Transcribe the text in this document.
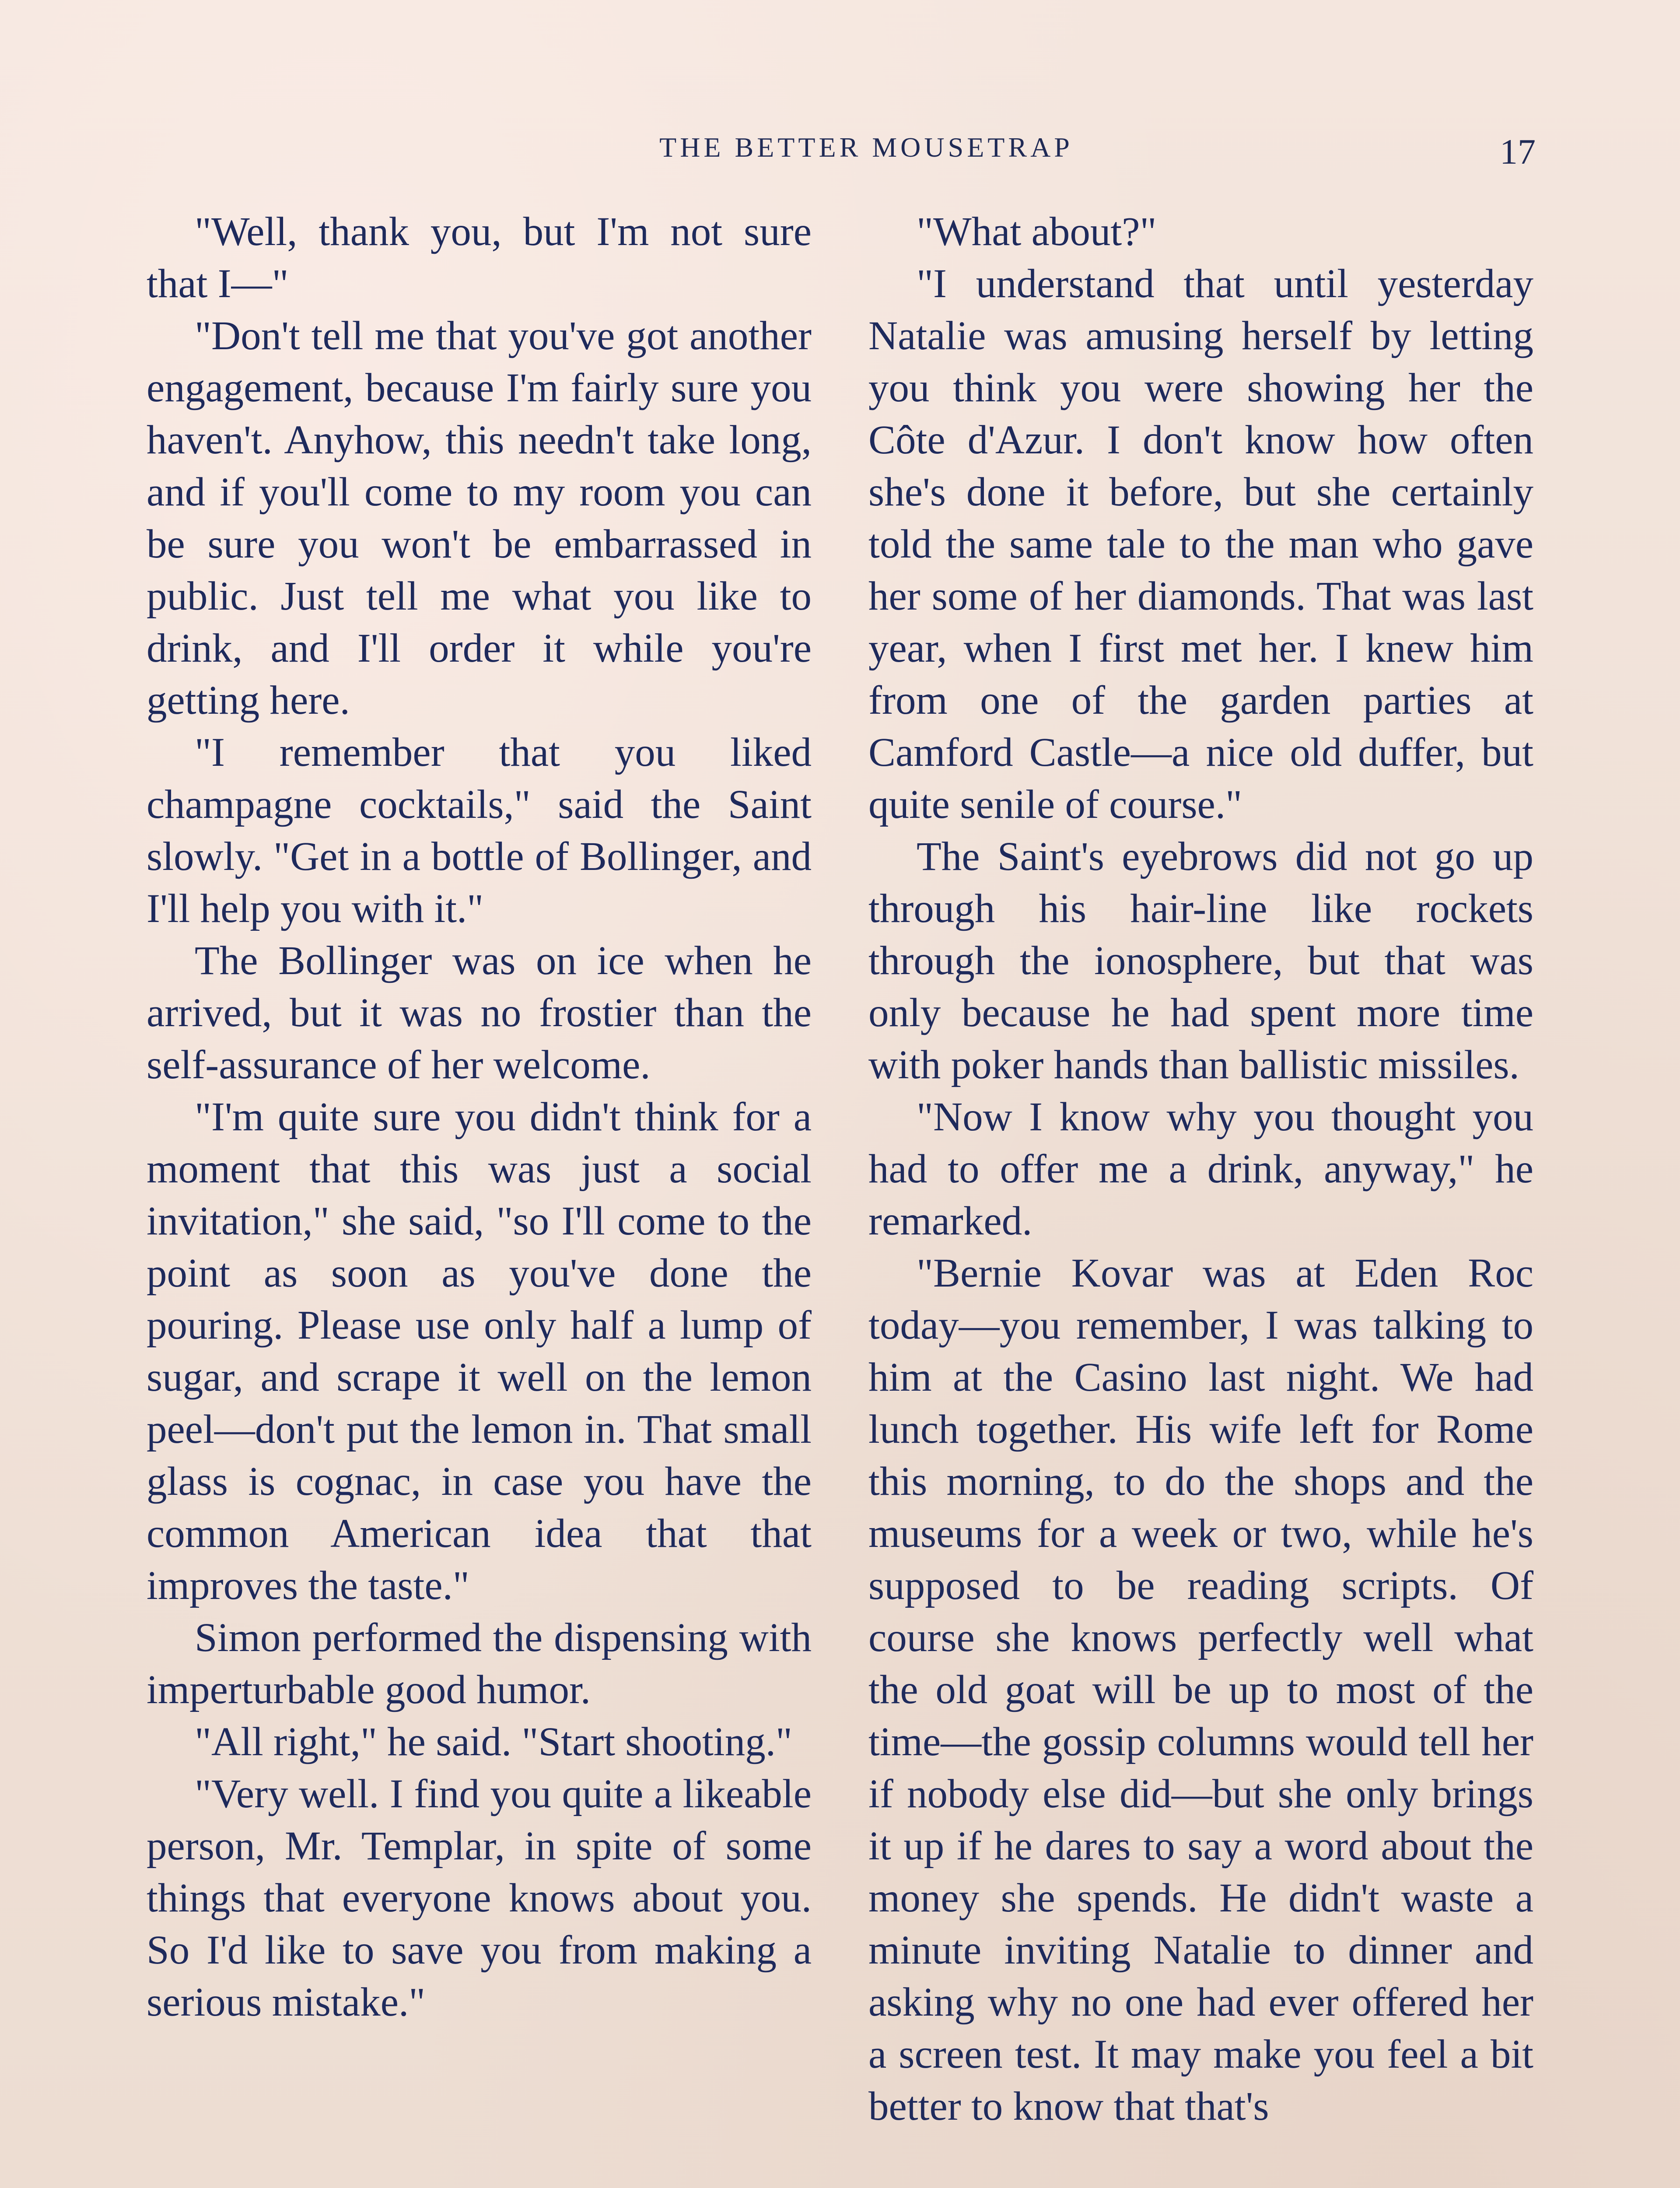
THE BETTER MOUSETRAP	17

"Well, thank you, but I'm not sure that I—"

"Don't tell me that you've got another engagement, because I'm fairly sure you haven't. Anyhow, this needn't take long, and if you'll come to my room you can be sure you won't be embarrassed in public. Just tell me what you like to drink, and I'll order it while you're getting here.

"I remember that you liked champagne cocktails," said the Saint slowly. "Get in a bottle of Bollinger, and I'll help you with it."

The Bollinger was on ice when he arrived, but it was no frostier than the self-assurance of her welcome.

"I'm quite sure you didn't think for a moment that this was just a social invitation," she said, "so I'll come to the point as soon as you've done the pouring. Please use only half a lump of sugar, and scrape it well on the lemon peel—don't put the lemon in. That small glass is cognac, in case you have the common American idea that that improves the taste."

Simon performed the dispensing with imperturbable good humor.

"All right," he said. "Start shooting."

"Very well. I find you quite a likeable person, Mr. Templar, in spite of some things that everyone knows about you. So I'd like to save you from making a serious mistake."

"What about?"

"I understand that until yesterday Natalie was amusing herself by letting you think you were showing her the Côte d'Azur. I don't know how often she's done it before, but she certainly told the same tale to the man who gave her some of her diamonds. That was last year, when I first met her. I knew him from one of the garden parties at Camford Castle—a nice old duffer, but quite senile of course."

The Saint's eyebrows did not go up through his hair-line like rockets through the ionosphere, but that was only because he had spent more time with poker hands than ballistic missiles.

"Now I know why you thought you had to offer me a drink, anyway," he remarked.

"Bernie Kovar was at Eden Roc today—you remember, I was talking to him at the Casino last night. We had lunch together. His wife left for Rome this morning, to do the shops and the museums for a week or two, while he's supposed to be reading scripts. Of course she knows perfectly well what the old goat will be up to most of the time—the gossip columns would tell her if nobody else did—but she only brings it up if he dares to say a word about the money she spends. He didn't waste a minute inviting Natalie to dinner and asking why no one had ever offered her a screen test. It may make you feel a bit better to know that that's
